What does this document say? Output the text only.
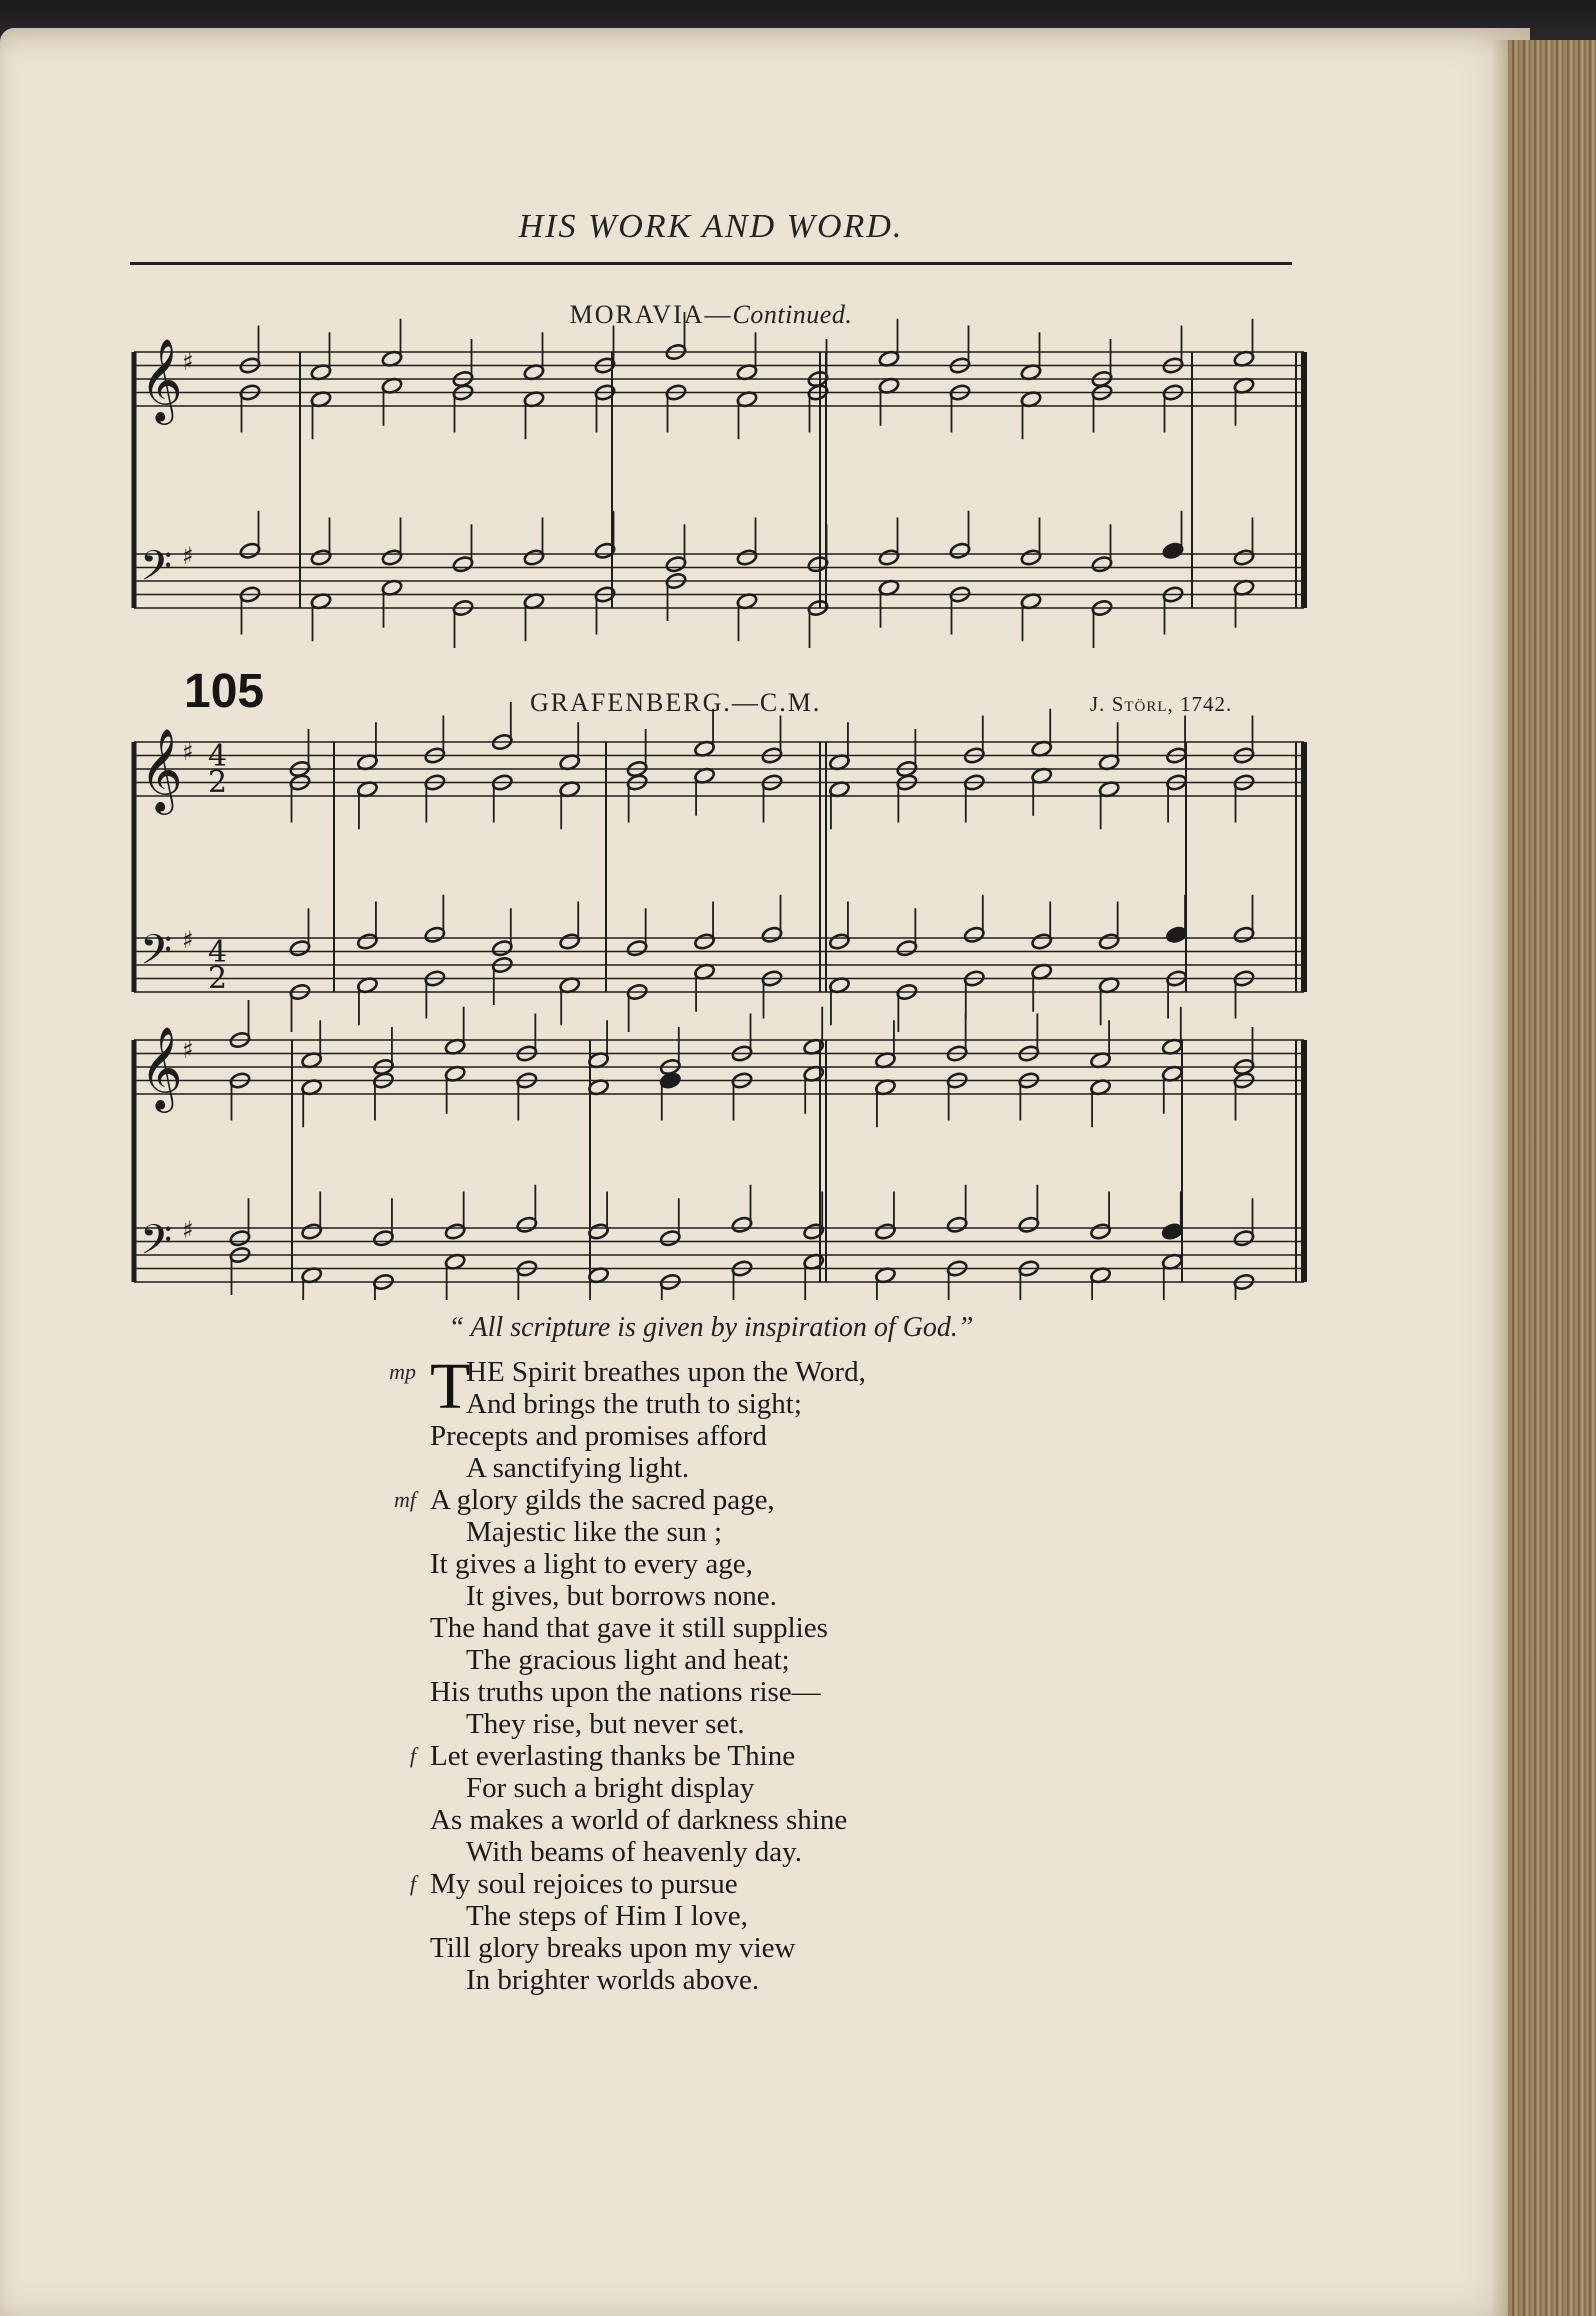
HIS WORK AND WORD.
MORAVIA—Continued.
𝄞
𝄢
♯
♯
𝄞
𝄢
♯
♯
4
4
2
2
𝄞
𝄢
♯
♯
105	GRAFENBERG.—C.M.	J. Störl, 1742.
“ All scripture is given by inspiration of God.”
mp T
HE Spirit breathes upon the Word,
And brings the truth to sight;
Precepts and promises afford
A sanctifying light.
mf A glory gilds the sacred page,
Majestic like the sun ;
It gives a light to every age,
It gives, but borrows none.
The hand that gave it still supplies
The gracious light and heat;
His truths upon the nations rise—
They rise, but never set.
f Let everlasting thanks be Thine
For such a bright display
As makes a world of darkness shine
With beams of heavenly day.
f My soul rejoices to pursue
The steps of Him I love,
Till glory breaks upon my view
In brighter worlds above.
